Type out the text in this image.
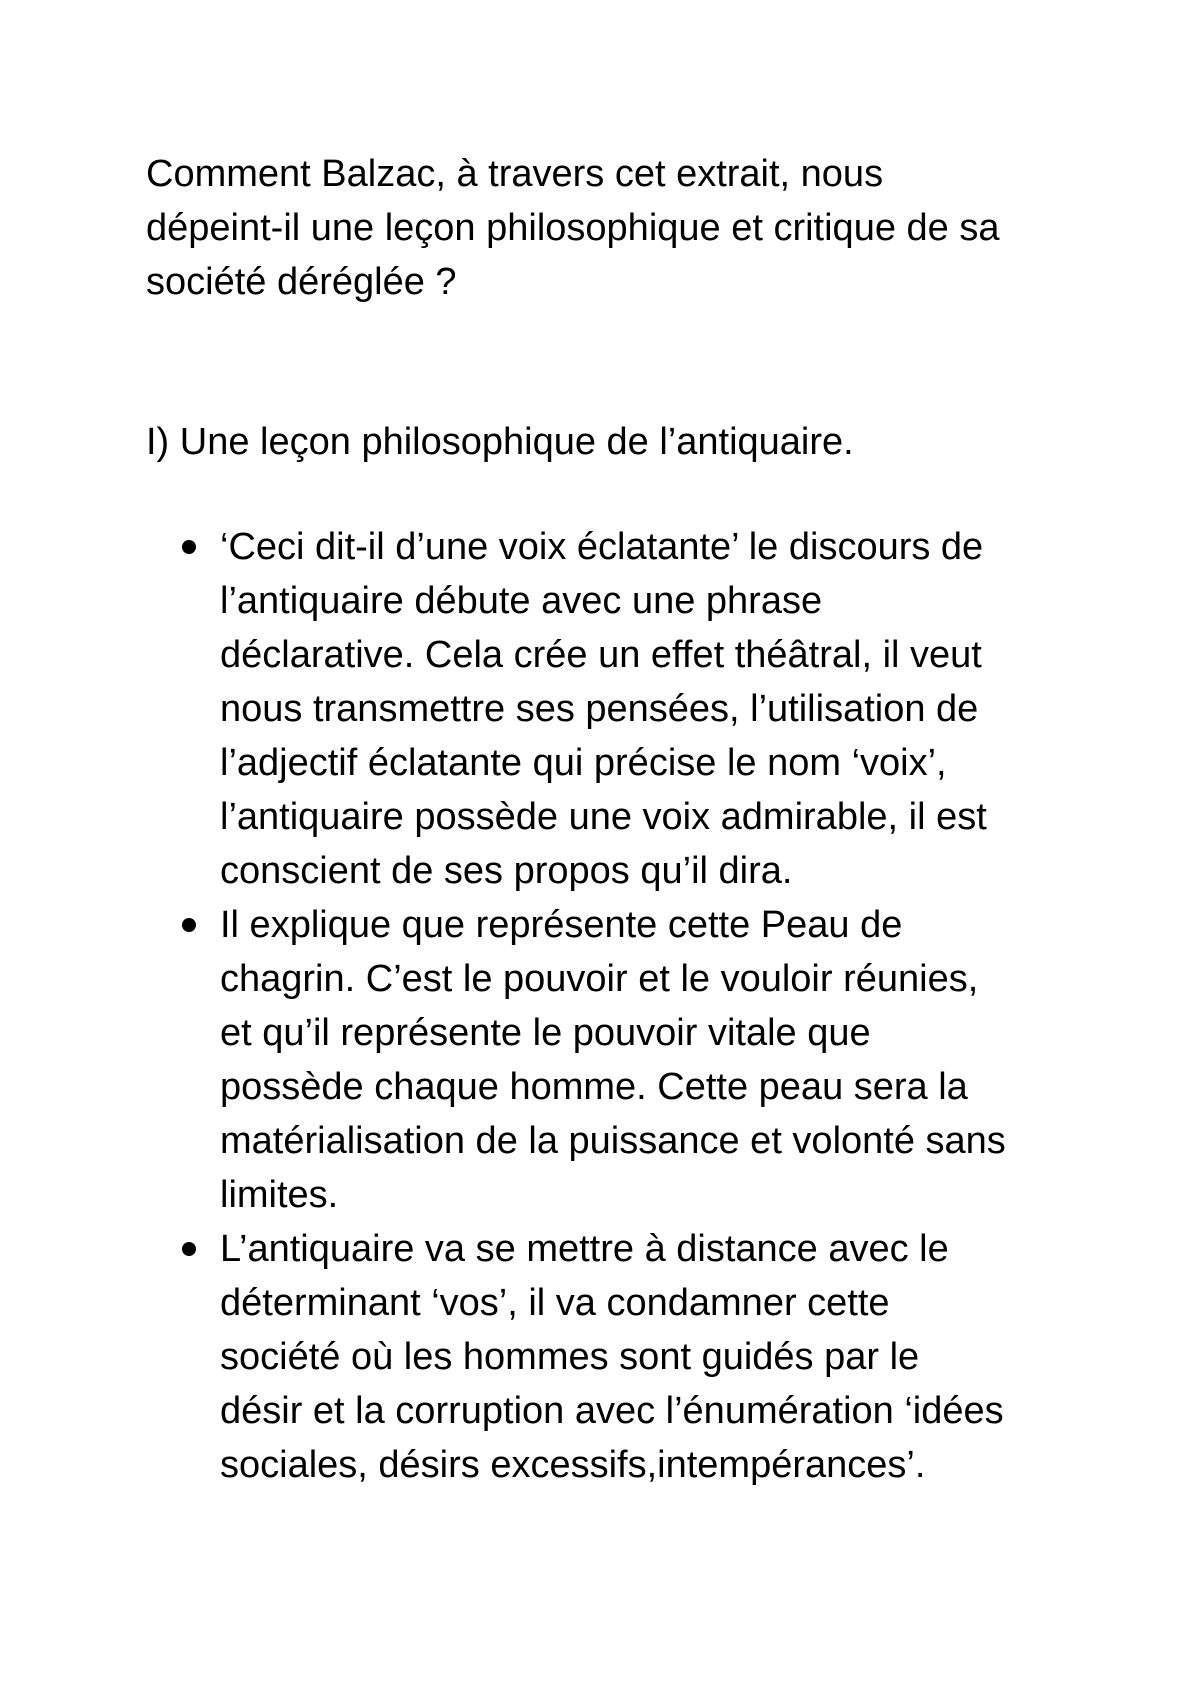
Comment Balzac, à travers cet extrait, nous
dépeint-il une leçon philosophique et critique de sa
société déréglée ?
I) Une leçon philosophique de l’antiquaire.
‘Ceci dit-il d’une voix éclatante’ le discours de
l’antiquaire débute avec une phrase
déclarative. Cela crée un effet théâtral, il veut
nous transmettre ses pensées, l’utilisation de
l’adjectif éclatante qui précise le nom ‘voix’,
l’antiquaire possède une voix admirable, il est
conscient de ses propos qu’il dira.
Il explique que représente cette Peau de
chagrin. C’est le pouvoir et le vouloir réunies,
et qu’il représente le pouvoir vitale que
possède chaque homme. Cette peau sera la
matérialisation de la puissance et volonté sans
limites.
L’antiquaire va se mettre à distance avec le
déterminant ‘vos’, il va condamner cette
société où les hommes sont guidés par le
désir et la corruption avec l’énumération ‘idées
sociales, désirs excessifs,intempérances’.
